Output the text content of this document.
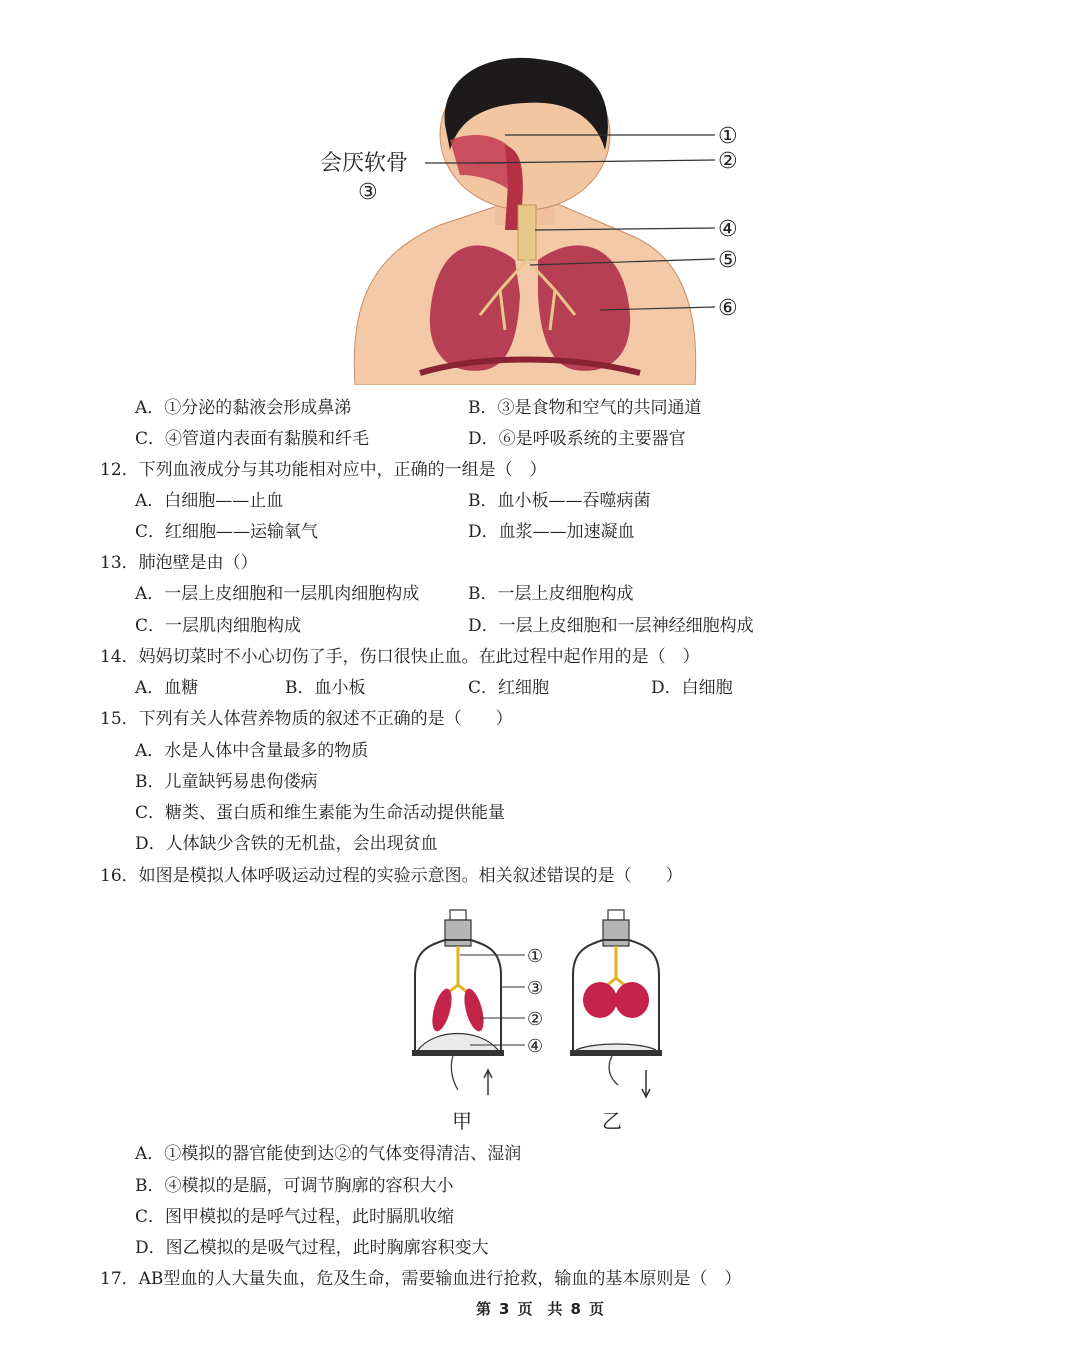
会厌软骨
①
②
③
④
⑤
⑥
A．①分泌的黏液会形成鼻涕	B．③是食物和空气的共同通道
C．④管道内表面有黏膜和纤毛	D．⑥是呼吸系统的主要器官
12．下列血液成分与其功能相对应中，正确的一组是（　）
A．白细胞——止血	B．血小板——吞噬病菌
C．红细胞——运输氧气	D．血浆——加速凝血
13．肺泡壁是由（）
A．一层上皮细胞和一层肌肉细胞构成	B．一层上皮细胞构成
C．一层肌肉细胞构成	D．一层上皮细胞和一层神经细胞构成
14．妈妈切菜时不小心切伤了手，伤口很快止血。在此过程中起作用的是（　）
A．血糖	B．血小板	C．红细胞	D．白细胞
15．下列有关人体营养物质的叙述不正确的是（　　）
A．水是人体中含量最多的物质
B．儿童缺钙易患佝偻病
C．糖类、蛋白质和维生素能为生命活动提供能量
D．人体缺少含铁的无机盐，会出现贫血
16．如图是模拟人体呼吸运动过程的实验示意图。相关叙述错误的是（　　）
①
③
②
④
甲	乙
A．①模拟的器官能使到达②的气体变得清洁、湿润
B．④模拟的是膈，可调节胸廓的容积大小
C．图甲模拟的是呼气过程，此时膈肌收缩
D．图乙模拟的是吸气过程，此时胸廓容积变大
17．AB型血的人大量失血，危及生命，需要输血进行抢救，输血的基本原则是（　）
第 3 页　共 8 页
